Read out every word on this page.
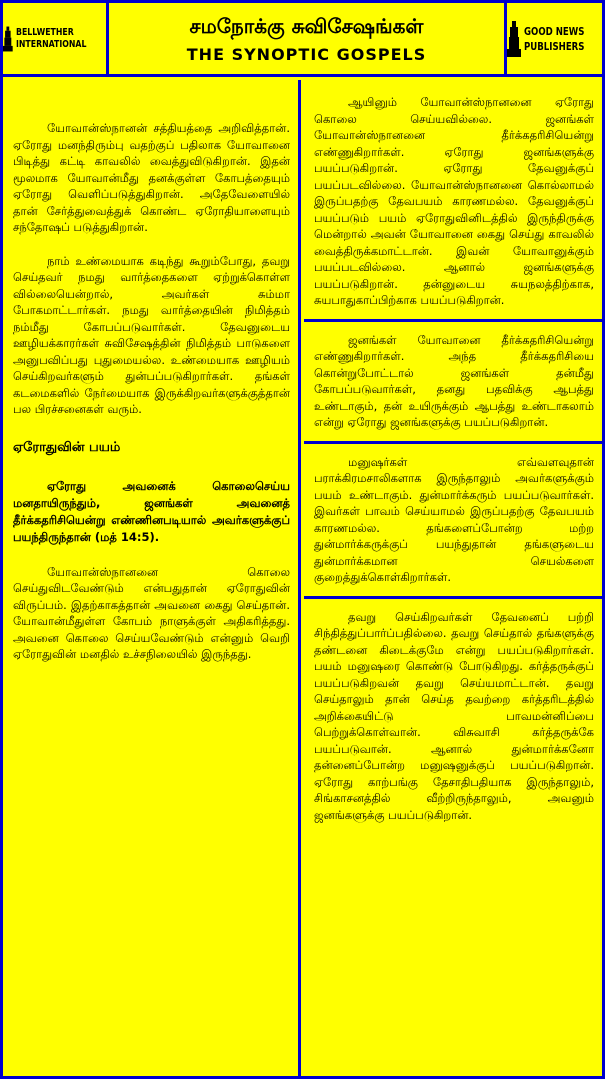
BELLWETHER
INTERNATIONAL
சமநோக்கு சுவிசேஷங்கள்
THE SYNOPTIC GOSPELS
GOOD NEWS
PUBLISHERS

யோவான்ஸ்நானன் சத்தியத்தை அறிவித்தான். ஏரோது மனந்திரும்பு வதற்குப் பதிலாக யோவானை பிடித்து கட்டி காவலில் வைத்துவிடுகிறான். இதன் மூலமாக யோவான்மீது தனக்குள்ள கோபத்தையும் ஏரோது வெளிப்படுத்துகிறான். அதேவேளையில் தான் சேர்த்துவைத்துக் கொண்ட ஏரோதியாளையும் சந்தோஷப் படுத்துகிறான்.

நாம் உண்மையாக கடிந்து கூறும்போது, தவறு செய்தவர் நமது வார்த்தைகளை ஏற்றுக்கொள்ள வில்லையென்றால், அவர்கள் சும்மா போகமாட்டார்கள். நமது வார்த்தையின் நிமித்தம் நம்மீது கோபப்படுவார்கள். தேவனுடைய ஊழியக்காரர்கள் சுவிசேஷத்தின் நிமித்தம் பாடுகளை அனுபவிப்பது புதுமையல்ல. உண்மையாக ஊழியம் செய்கிறவர்களும் துன்பப்படுகிறார்கள். தங்கள் கடமைகளில் நேர்மையாக இருக்கிறவர்களுக்குத்தான் பல பிரச்சனைகள் வரும்.

ஏரோதுவின் பயம்
ஏரோது அவனைக் கொலைசெய்ய மனதாயிருந்தும், ஜனங்கள் அவனைத் தீர்க்கதரிசியென்று எண்ணினபடியால் அவர்களுக்குப் பயந்திருந்தான் (மத் 14:5).

யோவான்ஸ்நானனை கொலை செய்துவிடவேண்டும் என்பதுதான் ஏரோதுவின் விருப்பம். இதற்காகத்தான் அவனை கைது செய்தான். யோவான்மீதுள்ள கோபம் நாளுக்குள் அதிகரித்தது. அவனை கொலை செய்யவேண்டும் என்னும் வெறி ஏரோதுவின் மனதில் உச்சநிலையில் இருந்தது.

ஆயினும் யோவான்ஸ்நானனை ஏரோது கொலை செய்யவில்லை. ஜனங்கள் யோவான்ஸ்நானனை தீர்க்கதரிசியென்று எண்ணுகிறார்கள். ஏரோது ஜனங்களுக்கு பயப்படுகிறான். ஏரோது தேவனுக்குப் பயப்படவில்லை. யோவான்ஸ்நானனை கொல்லாமல் இருப்பதற்கு தேவபயம் காரணமல்ல. தேவனுக்குப் பயப்படும் பயம் ஏரோதுவினிடத்தில் இருந்திருக்கு மென்றால் அவன் யோவானை கைது செய்து காவலில் வைத்திருக்கமாட்டான். இவன் யோவானுக்கும் பயப்படவில்லை. ஆனால் ஜனங்களுக்கு பயப்படுகிறான். தன்னுடைய சுயநலத்திற்காக, சுயபாதுகாப்பிற்காக பயப்படுகிறான்.

ஜனங்கள் யோவானை தீர்க்கதரிசியென்று எண்ணுகிறார்கள். அந்த தீர்க்கதரிசியை கொன்றுபோட்டால் ஜனங்கள் தன்மீது கோபப்படுவார்கள், தனது பதவிக்கு ஆபத்து உண்டாகும், தன் உயிருக்கும் ஆபத்து உண்டாகலாம் என்று ஏரோது ஜனங்களுக்கு பயப்படுகிறான்.

மனுஷர்கள் எவ்வளவுதான் பராக்கிரமசாலிகளாக இருந்தாலும் அவர்களுக்கும் பயம் உண்டாகும். துன்மார்க்கரும் பயப்படுவார்கள். இவர்கள் பாவம் செய்யாமல் இருப்பதற்கு தேவபயம் காரணமல்ல. தங்களைப்போன்ற மற்ற துன்மார்க்கருக்குப் பயந்துதான் தங்களுடைய துன்மார்க்கமான செயல்களை குறைத்துக்கொள்கிறார்கள்.

தவறு செய்கிறவர்கள் தேவனைப் பற்றி சிந்தித்துப்பார்ப்பதில்லை. தவறு செய்தால் தங்களுக்கு தண்டனை கிடைக்குமே என்று பயப்படுகிறார்கள். பயம் மனுஷரை கொண்டு போடுகிறது. கர்த்தருக்குப் பயப்படுகிறவன் தவறு செய்யமாட்டான். தவறு செய்தாலும் தான் செய்த தவற்றை கர்த்தரிடத்தில் அறிக்கையிட்டு பாவமன்னிப்பை பெற்றுக்கொள்வான். விசுவாசி கர்த்தருக்கே பயப்படுவான். ஆனால் துன்மார்க்கனோ தன்னைப்போன்ற மனுஷனுக்குப் பயப்படுகிறான். ஏரோது காற்பங்கு தேசாதிபதியாக இருந்தாலும், சிங்காசனத்தில் வீற்றிருந்தாலும், அவனும் ஜனங்களுக்கு பயப்படுகிறான்.
